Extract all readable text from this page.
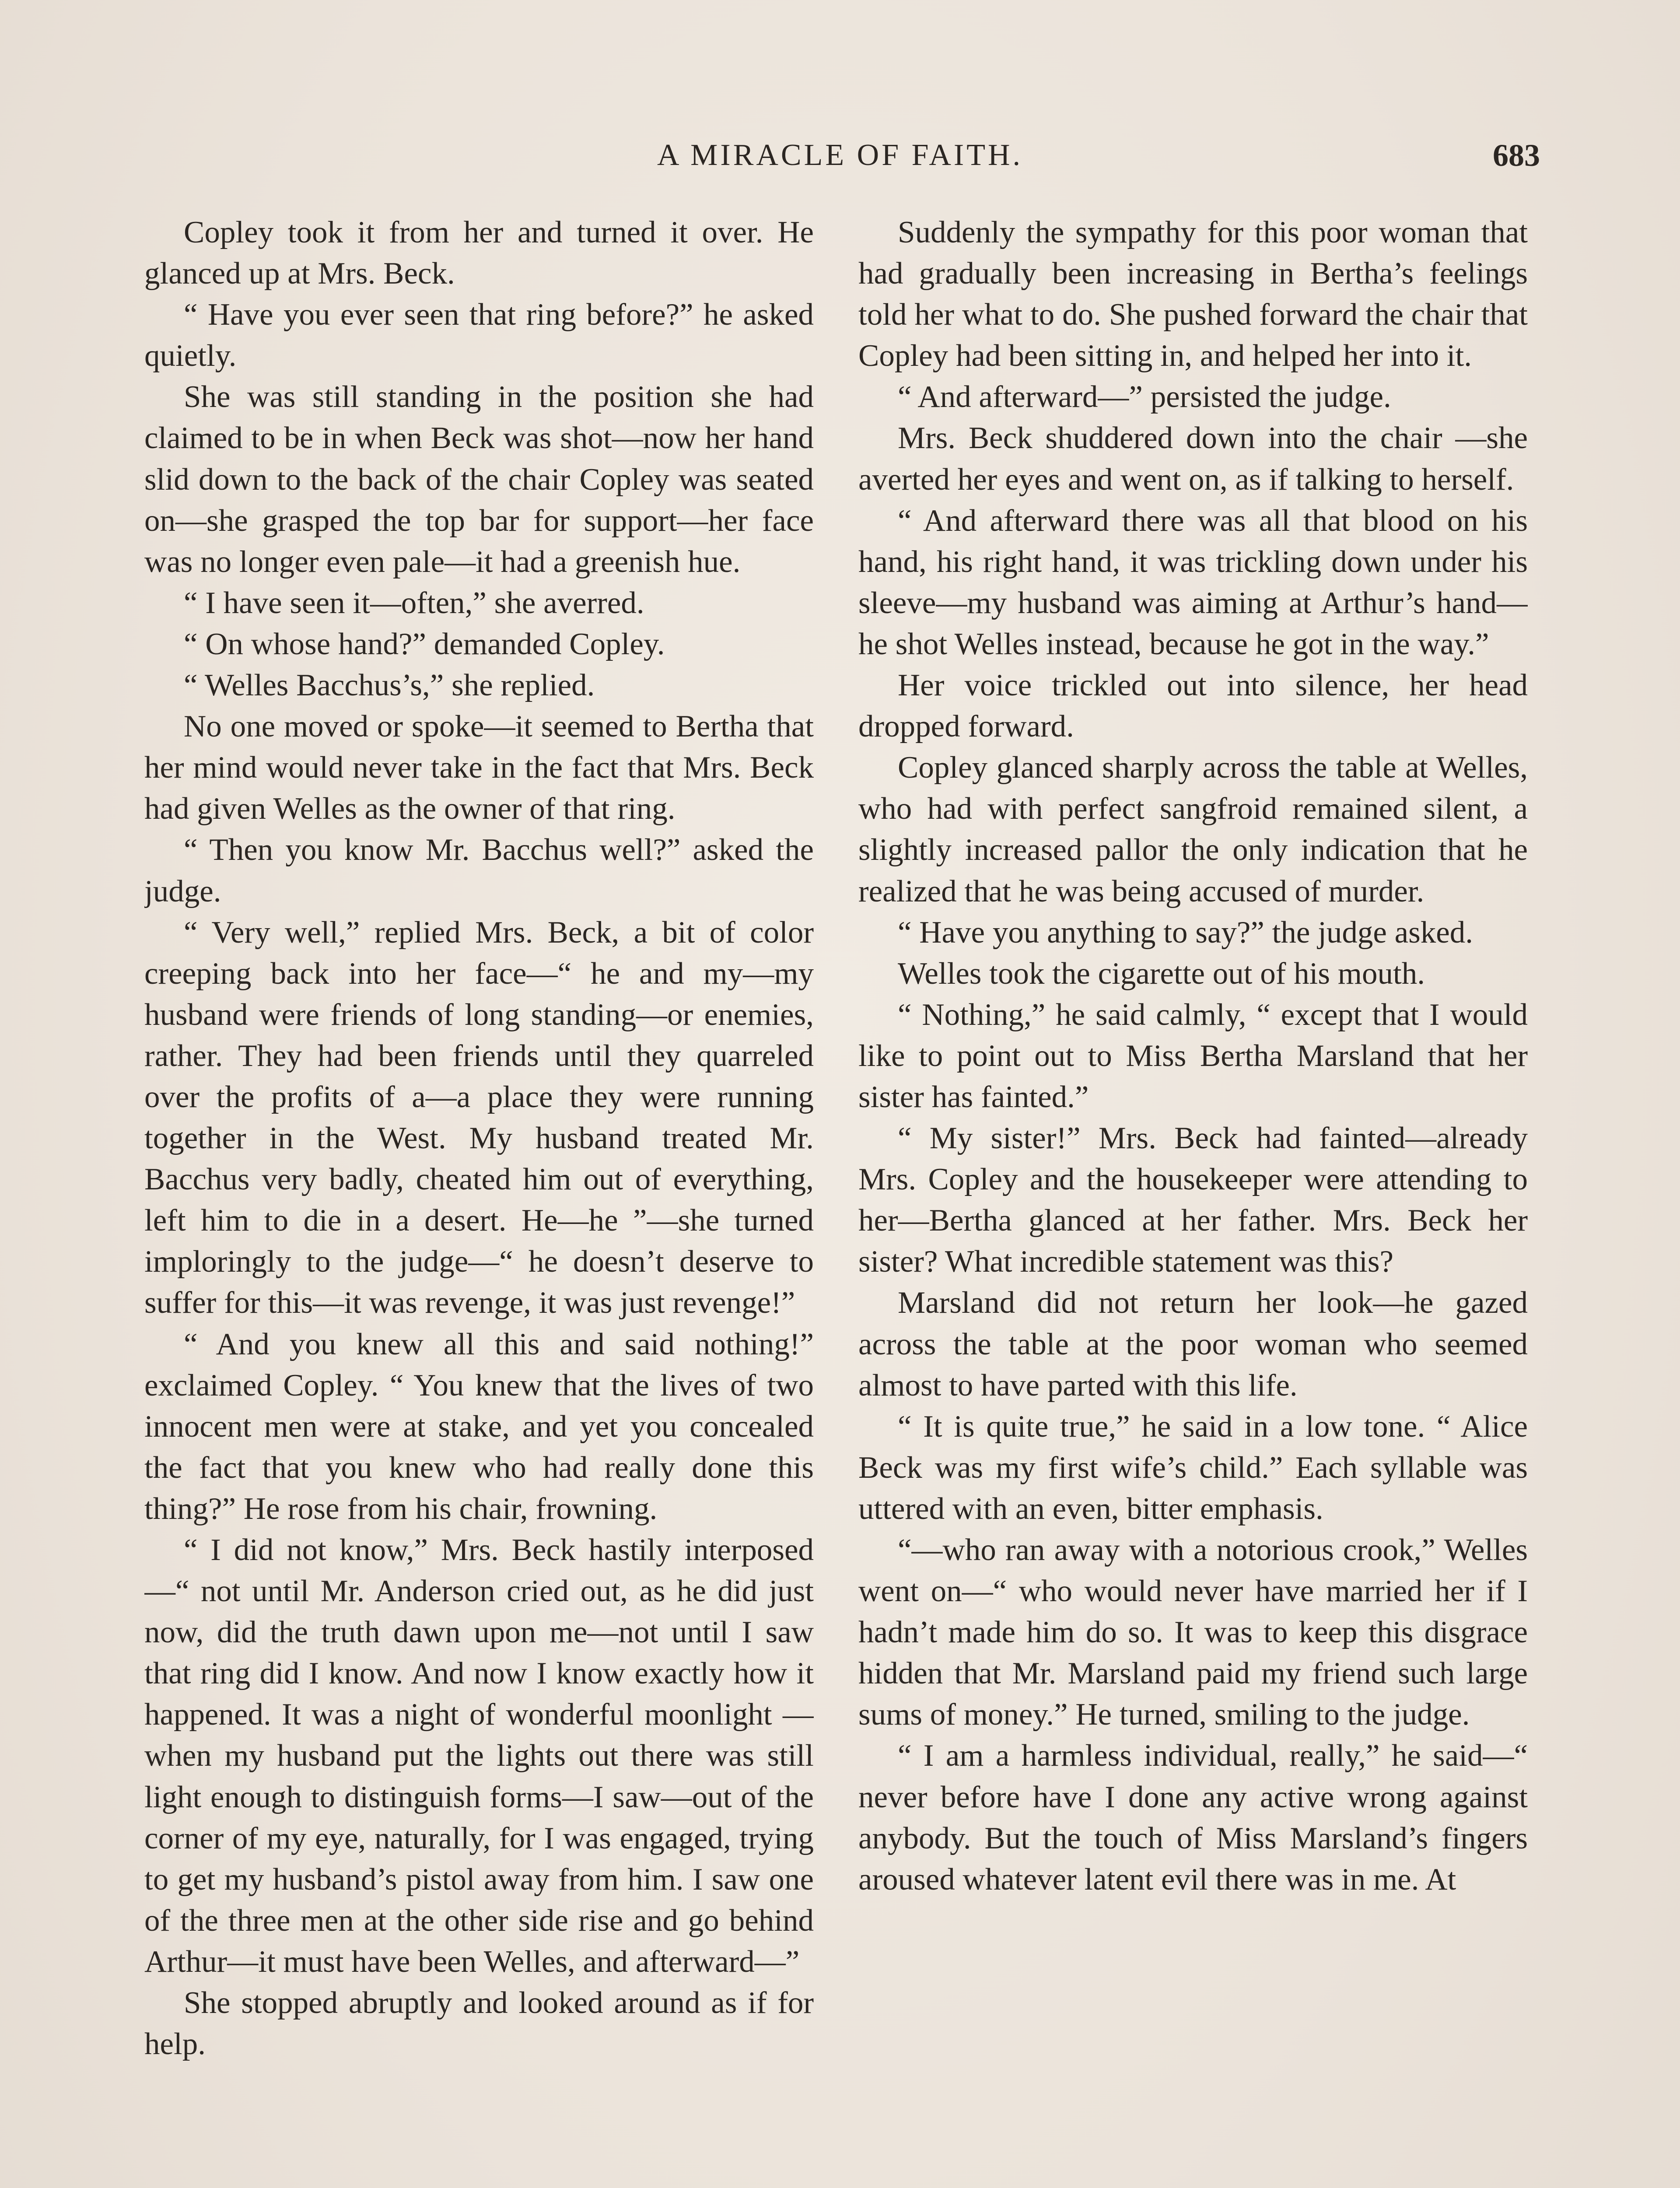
A MIRACLE OF FAITH.	683

Copley took it from her and turned it over. He glanced up at Mrs. Beck.

“ Have you ever seen that ring before?” he asked quietly.

She was still standing in the position she had claimed to be in when Beck was shot—now her hand slid down to the back of the chair Copley was seated on—she grasped the top bar for support—her face was no longer even pale—it had a greenish hue.

“ I have seen it—often,” she averred.

“ On whose hand?” demanded Copley.

“ Welles Bacchus’s,” she replied.

No one moved or spoke—it seemed to Bertha that her mind would never take in the fact that Mrs. Beck had given Welles as the owner of that ring.

“ Then you know Mr. Bacchus well?” asked the judge.

“ Very well,” replied Mrs. Beck, a bit of color creeping back into her face—“ he and my—my husband were friends of long standing—or enemies, rather. They had been friends until they quarreled over the profits of a—a place they were running together in the West. My husband treated Mr. Bacchus very badly, cheated him out of everything, left him to die in a desert. He—he ”—she turned imploringly to the judge—“ he doesn’t deserve to suffer for this—it was revenge, it was just revenge!”

“ And you knew all this and said nothing!” exclaimed Copley. “ You knew that the lives of two innocent men were at stake, and yet you concealed the fact that you knew who had really done this thing?” He rose from his chair, frowning.

“ I did not know,” Mrs. Beck hastily interposed—“ not until Mr. Anderson cried out, as he did just now, did the truth dawn upon me—not until I saw that ring did I know. And now I know exactly how it happened. It was a night of wonderful moonlight — when my husband put the lights out there was still light enough to distinguish forms—I saw—out of the corner of my eye, naturally, for I was engaged, trying to get my husband’s pistol away from him. I saw one of the three men at the other side rise and go behind Arthur—it must have been Welles, and afterward—”

She stopped abruptly and looked around as if for help.

Suddenly the sympathy for this poor woman that had gradually been increasing in Bertha’s feelings told her what to do. She pushed forward the chair that Copley had been sitting in, and helped her into it.

“ And afterward—” persisted the judge.

Mrs. Beck shuddered down into the chair —she averted her eyes and went on, as if talking to herself.

“ And afterward there was all that blood on his hand, his right hand, it was trickling down under his sleeve—my husband was aiming at Arthur’s hand—he shot Welles instead, because he got in the way.”

Her voice trickled out into silence, her head dropped forward.

Copley glanced sharply across the table at Welles, who had with perfect sangfroid remained silent, a slightly increased pallor the only indication that he realized that he was being accused of murder.

“ Have you anything to say?” the judge asked.

Welles took the cigarette out of his mouth.

“ Nothing,” he said calmly, “ except that I would like to point out to Miss Bertha Marsland that her sister has fainted.”

“ My sister!” Mrs. Beck had fainted—already Mrs. Copley and the housekeeper were attending to her—Bertha glanced at her father. Mrs. Beck her sister? What incredible statement was this?

Marsland did not return her look—he gazed across the table at the poor woman who seemed almost to have parted with this life.

“ It is quite true,” he said in a low tone. “ Alice Beck was my first wife’s child.” Each syllable was uttered with an even, bitter emphasis.

“—who ran away with a notorious crook,” Welles went on—“ who would never have married her if I hadn’t made him do so. It was to keep this disgrace hidden that Mr. Marsland paid my friend such large sums of money.” He turned, smiling to the judge.

“ I am a harmless individual, really,” he said—“ never before have I done any active wrong against anybody. But the touch of Miss Marsland’s fingers aroused whatever latent evil there was in me. At
